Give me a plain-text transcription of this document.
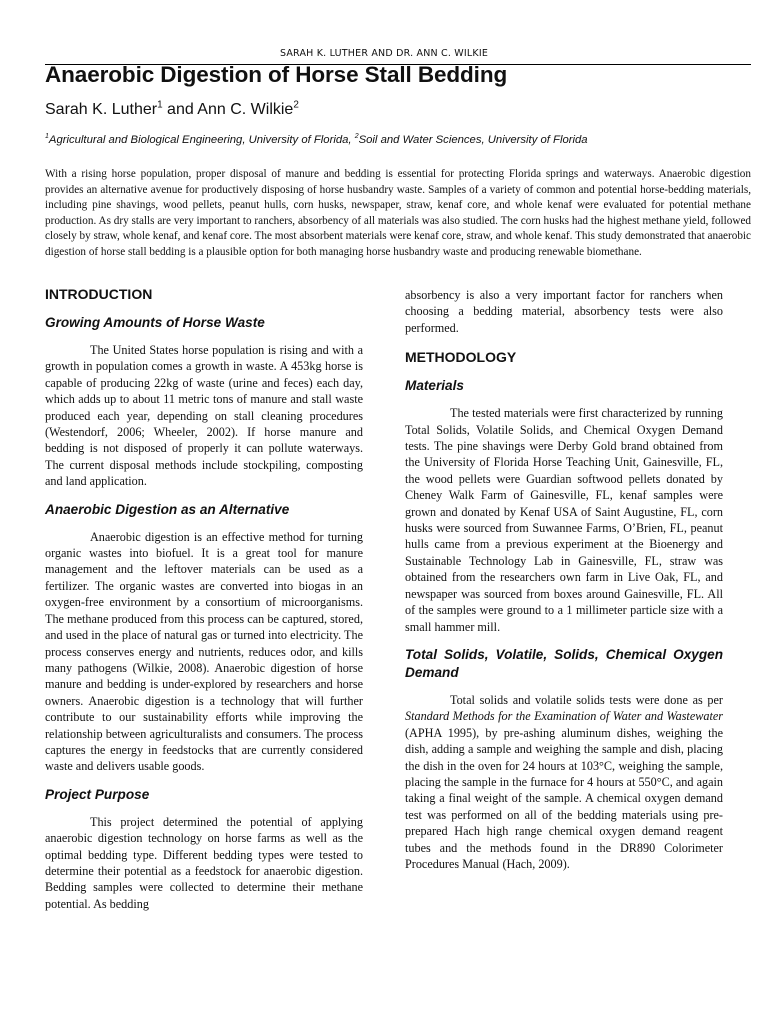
SARAH K. LUTHER AND DR. ANN C. WILKIE
Anaerobic Digestion of Horse Stall Bedding
Sarah K. Luther$^1$ and Ann C. Wilkie$^2$
$^1$Agricultural and Biological Engineering, University of Florida, $^2$Soil and Water Sciences, University of Florida

With a rising horse population, proper disposal of manure and bedding is essential for protecting Florida springs and waterways. Anaerobic digestion provides an alternative avenue for productively disposing of horse husbandry waste. Samples of a variety of common and potential horse-bedding materials, including pine shavings, wood pellets, peanut hulls, corn husks, newspaper, straw, kenaf core, and whole kenaf were evaluated for potential methane production. As dry stalls are very important to ranchers, absorbency of all materials was also studied. The corn husks had the highest methane yield, followed closely by straw, whole kenaf, and kenaf core. The most absorbent materials were kenaf core, straw, and whole kenaf. This study demonstrated that anaerobic digestion of horse stall bedding is a plausible option for both managing horse husbandry waste and producing renewable biomethane.

INTRODUCTION
Growing Amounts of Horse Waste

The United States horse population is rising and with a growth in population comes a growth in waste. A 453kg horse is capable of producing 22kg of waste (urine and feces) each day, which adds up to about 11 metric tons of manure and stall waste produced each year, depending on stall cleaning procedures (Westendorf, 2006; Wheeler, 2002). If horse manure and bedding is not disposed of properly it can pollute waterways. The current disposal methods include stockpiling, composting and land application.

Anaerobic Digestion as an Alternative

Anaerobic digestion is an effective method for turning organic wastes into biofuel. It is a great tool for manure management and the leftover materials can be used as a fertilizer. The organic wastes are converted into biogas in an oxygen-free environment by a consortium of microorganisms. The methane produced from this process can be captured, stored, and used in the place of natural gas or turned into electricity. The process conserves energy and nutrients, reduces odor, and kills many pathogens (Wilkie, 2008). Anaerobic digestion of horse manure and bedding is under-explored by researchers and horse owners. Anaerobic digestion is a technology that will further contribute to our sustainability efforts while improving the relationship between agriculturalists and consumers. The process captures the energy in feedstocks that are currently considered waste and delivers usable goods.

Project Purpose

This project determined the potential of applying anaerobic digestion technology on horse farms as well as the optimal bedding type. Different bedding types were tested to determine their potential as a feedstock for anaerobic digestion. Bedding samples were collected to determine their methane potential. As bedding

absorbency is also a very important factor for ranchers when choosing a bedding material, absorbency tests were also performed.

METHODOLOGY
Materials

The tested materials were first characterized by running Total Solids, Volatile Solids, and Chemical Oxygen Demand tests. The pine shavings were Derby Gold brand obtained from the University of Florida Horse Teaching Unit, Gainesville, FL, the wood pellets were Guardian softwood pellets donated by Cheney Walk Farm of Gainesville, FL, kenaf samples were grown and donated by Kenaf USA of Saint Augustine, FL, corn husks were sourced from Suwannee Farms, O’Brien, FL, peanut hulls came from a previous experiment at the Bioenergy and Sustainable Technology Lab in Gainesville, FL, straw was obtained from the researchers own farm in Live Oak, FL, and newspaper was sourced from boxes around Gainesville, FL. All of the samples were ground to a 1 millimeter particle size with a small hammer mill.

Total Solids, Volatile, Solids, Chemical Oxygen Demand

Total solids and volatile solids tests were done as per Standard Methods for the Examination of Water and Wastewater (APHA 1995), by pre-ashing aluminum dishes, weighing the dish, adding a sample and weighing the sample and dish, placing the dish in the oven for 24 hours at 103°C, weighing the sample, placing the sample in the furnace for 4 hours at 550°C, and again taking a final weight of the sample. A chemical oxygen demand test was performed on all of the bedding materials using pre-prepared Hach high range chemical oxygen demand reagent tubes and the methods found in the DR890 Colorimeter Procedures Manual (Hach, 2009).
